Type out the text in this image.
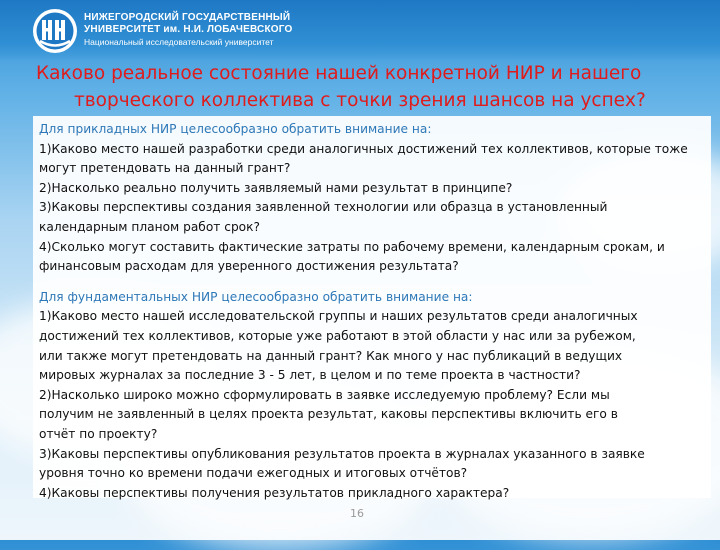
НИЖЕГОРОДСКИЙ ГОСУДАРСТВЕННЫЙ
УНИВЕРСИТЕТ им. Н.И. ЛОБАЧЕВСКОГО
Национальный исследовательский университет
Каково реальное состояние нашей конкретной НИР и нашего
творческого коллектива с точки зрения шансов на успех?

Для прикладных НИР целесообразно обратить внимание на:

1)Каково место нашей разработки среди аналогичных достижений тех коллективов, которые тоже

могут претендовать на данный грант?

2)Насколько реально получить заявляемый нами результат в принципе?

3)Каковы перспективы создания заявленной технологии или образца в установленный

календарным планом работ срок?

4)Сколько могут составить фактические затраты по рабочему времени, календарным срокам, и

финансовым расходам для уверенного достижения результата?

Для фундаментальных НИР целесообразно обратить внимание на:

1)Каково место нашей исследовательской группы и наших результатов среди аналогичных

достижений тех коллективов, которые уже работают в этой области у нас или за рубежом,

или также могут претендовать на данный грант? Как много у нас публикаций в ведущих

мировых журналах за последние 3 - 5 лет, в целом и по теме проекта в частности?

2)Насколько широко можно сформулировать в заявке исследуемую проблему? Если мы

получим не заявленный в целях проекта результат, каковы перспективы включить его в

отчёт по проекту?

3)Каковы перспективы опубликования результатов проекта в журналах указанного в заявке

уровня точно ко времени подачи ежегодных и итоговых отчётов?

4)Каковы перспективы получения результатов прикладного характера?

16
